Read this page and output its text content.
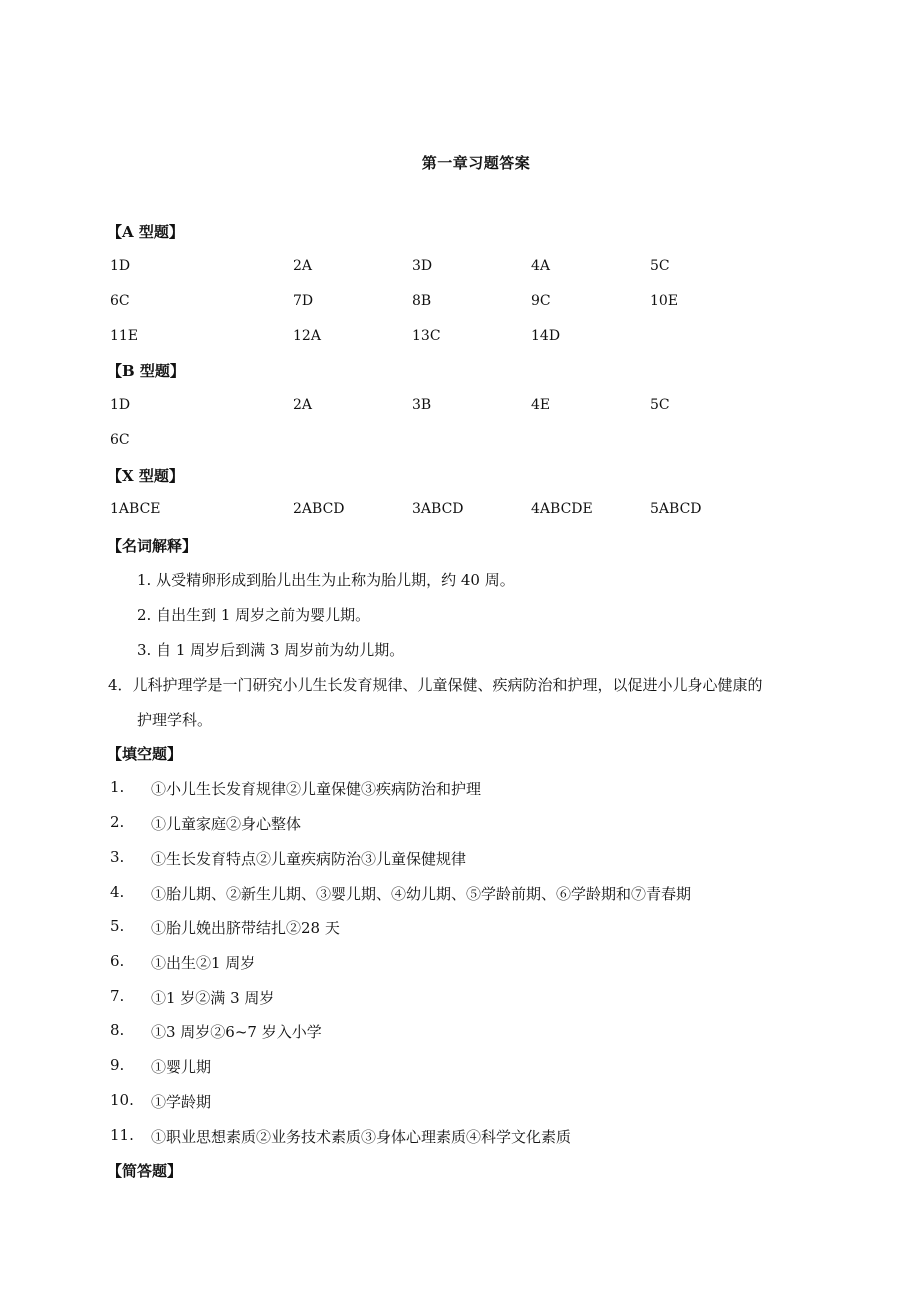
第一章习题答案
【A 型题】
1D	2A	3D	4A	5C
6C	7D	8B	9C	10E
11E	12A	13C	14D
【B 型题】
1D	2A	3B	4E	5C
6C
【X 型题】
1ABCE	2ABCD	3ABCD	4ABCDE	5ABCD
【名词解释】
1. 从受精卵形成到胎儿出生为止称为胎儿期，约 40 周。
2. 自出生到 1 周岁之前为婴儿期。
3. 自 1 周岁后到满 3 周岁前为幼儿期。
4．儿科护理学是一门研究小儿生长发育规律、儿童保健、疾病防治和护理，以促进小儿身心健康的
护理学科。
【填空题】
1. ①小儿生长发育规律②儿童保健③疾病防治和护理
2. ①儿童家庭②身心整体
3. ①生长发育特点②儿童疾病防治③儿童保健规律
4. ①胎儿期、②新生儿期、③婴儿期、④幼儿期、⑤学龄前期、⑥学龄期和⑦青春期
5. ①胎儿娩出脐带结扎②28 天
6. ①出生②1 周岁
7. ①1 岁②满 3 周岁
8. ①3 周岁②6~7 岁入小学
9. ①婴儿期
10. ①学龄期
11. ①职业思想素质②业务技术素质③身体心理素质④科学文化素质
【简答题】
